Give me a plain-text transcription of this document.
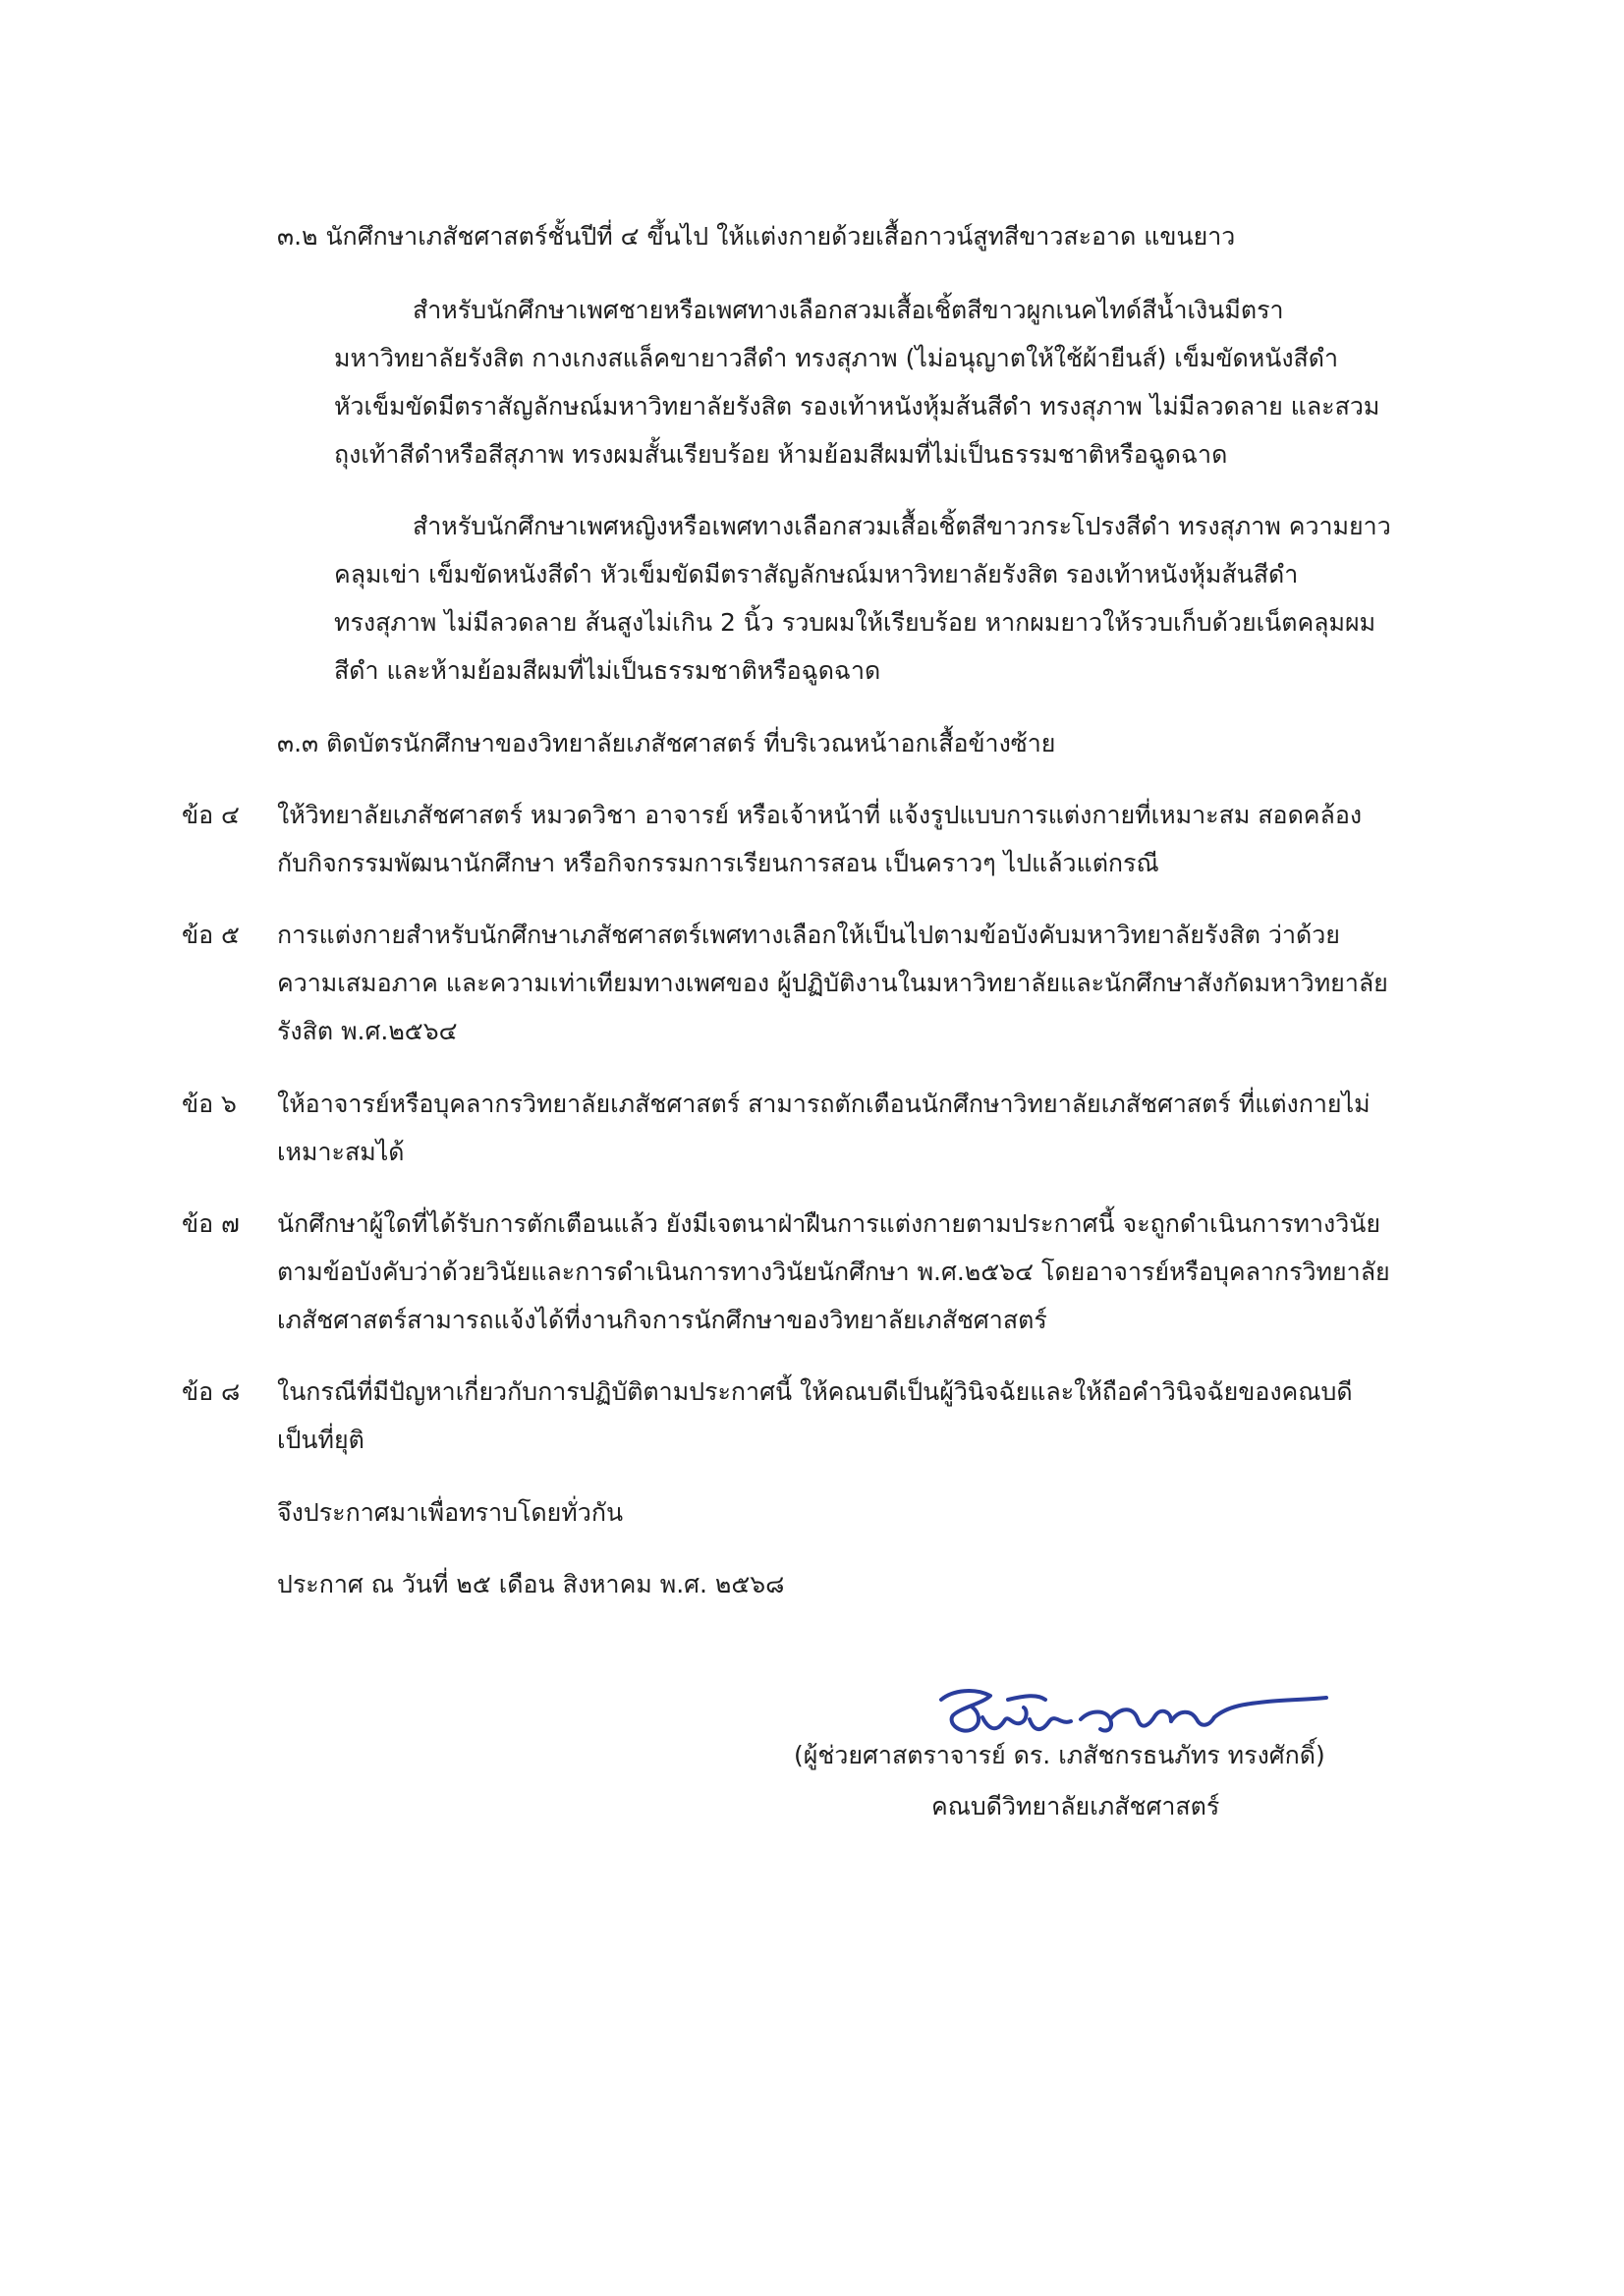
๓.๒ นักศึกษาเภสัชศาสตร์ชั้นปีที่ ๔ ขึ้นไป ให้แต่งกายด้วยเสื้อกาวน์สูทสีขาวสะอาด แขนยาว
สำหรับนักศึกษาเพศชายหรือเพศทางเลือกสวมเสื้อเชิ้ตสีขาวผูกเนคไทด์สีน้ำเงินมีตรา
มหาวิทยาลัยรังสิต กางเกงสแล็คขายาวสีดำ ทรงสุภาพ (ไม่อนุญาตให้ใช้ผ้ายีนส์) เข็มขัดหนังสีดำ
หัวเข็มขัดมีตราสัญลักษณ์มหาวิทยาลัยรังสิต รองเท้าหนังหุ้มส้นสีดำ ทรงสุภาพ ไม่มีลวดลาย และสวม
ถุงเท้าสีดำหรือสีสุภาพ ทรงผมสั้นเรียบร้อย ห้ามย้อมสีผมที่ไม่เป็นธรรมชาติหรือฉูดฉาด
สำหรับนักศึกษาเพศหญิงหรือเพศทางเลือกสวมเสื้อเชิ้ตสีขาวกระโปรงสีดำ ทรงสุภาพ ความยาว
คลุมเข่า เข็มขัดหนังสีดำ หัวเข็มขัดมีตราสัญลักษณ์มหาวิทยาลัยรังสิต รองเท้าหนังหุ้มส้นสีดำ
ทรงสุภาพ ไม่มีลวดลาย ส้นสูงไม่เกิน 2 นิ้ว รวบผมให้เรียบร้อย หากผมยาวให้รวบเก็บด้วยเน็ตคลุมผม
สีดำ และห้ามย้อมสีผมที่ไม่เป็นธรรมชาติหรือฉูดฉาด
๓.๓ ติดบัตรนักศึกษาของวิทยาลัยเภสัชศาสตร์ ที่บริเวณหน้าอกเสื้อข้างซ้าย
ข้อ ๔ ให้วิทยาลัยเภสัชศาสตร์ หมวดวิชา อาจารย์ หรือเจ้าหน้าที่ แจ้งรูปแบบการแต่งกายที่เหมาะสม สอดคล้อง
กับกิจกรรมพัฒนานักศึกษา หรือกิจกรรมการเรียนการสอน เป็นคราวๆ ไปแล้วแต่กรณี
ข้อ ๕ การแต่งกายสำหรับนักศึกษาเภสัชศาสตร์เพศทางเลือกให้เป็นไปตามข้อบังคับมหาวิทยาลัยรังสิต ว่าด้วย
ความเสมอภาค และความเท่าเทียมทางเพศของ ผู้ปฏิบัติงานในมหาวิทยาลัยและนักศึกษาสังกัดมหาวิทยาลัย
รังสิต พ.ศ.๒๕๖๔
ข้อ ๖ ให้อาจารย์หรือบุคลากรวิทยาลัยเภสัชศาสตร์ สามารถตักเตือนนักศึกษาวิทยาลัยเภสัชศาสตร์ ที่แต่งกายไม่
เหมาะสมได้
ข้อ ๗ นักศึกษาผู้ใดที่ได้รับการตักเตือนแล้ว ยังมีเจตนาฝ่าฝืนการแต่งกายตามประกาศนี้ จะถูกดำเนินการทางวินัย
ตามข้อบังคับว่าด้วยวินัยและการดำเนินการทางวินัยนักศึกษา พ.ศ.๒๕๖๔ โดยอาจารย์หรือบุคลากรวิทยาลัย
เภสัชศาสตร์สามารถแจ้งได้ที่งานกิจการนักศึกษาของวิทยาลัยเภสัชศาสตร์
ข้อ ๘ ในกรณีที่มีปัญหาเกี่ยวกับการปฏิบัติตามประกาศนี้ ให้คณบดีเป็นผู้วินิจฉัยและให้ถือคำวินิจฉัยของคณบดี
เป็นที่ยุติ
จึงประกาศมาเพื่อทราบโดยทั่วกัน
ประกาศ ณ วันที่ ๒๕ เดือน สิงหาคม พ.ศ. ๒๕๖๘
(ผู้ช่วยศาสตราจารย์ ดร. เภสัชกรธนภัทร ทรงศักดิ์)
คณบดีวิทยาลัยเภสัชศาสตร์
